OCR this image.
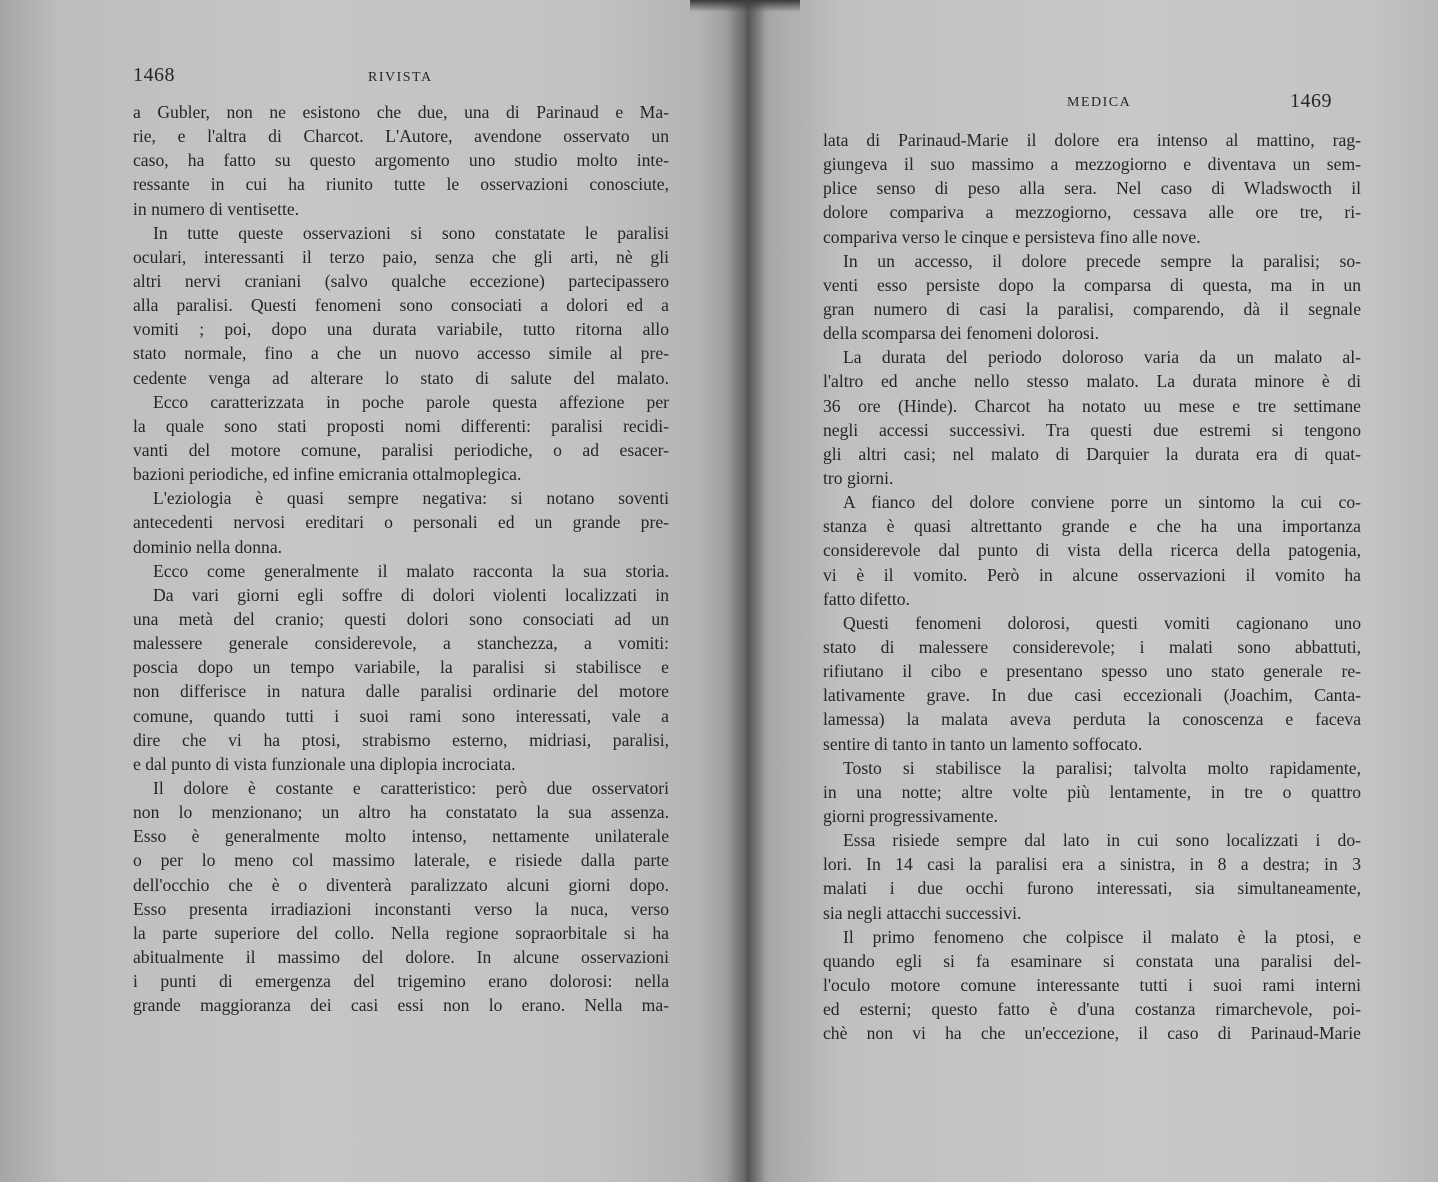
1468	RIVISTA
a Gubler, non ne esistono che due, una di Parinaud e Ma-
rie, e l'altra di Charcot. L'Autore, avendone osservato un
caso, ha fatto su questo argomento uno studio molto inte-
ressante in cui ha riunito tutte le osservazioni conosciute,
in numero di ventisette.
In tutte queste osservazioni si sono constatate le paralisi
oculari, interessanti il terzo paio, senza che gli arti, nè gli
altri nervi craniani (salvo qualche eccezione) partecipassero
alla paralisi. Questi fenomeni sono consociati a dolori ed a
vomiti ; poi, dopo una durata variabile, tutto ritorna allo
stato normale, fino a che un nuovo accesso simile al pre-
cedente venga ad alterare lo stato di salute del malato.
Ecco caratterizzata in poche parole questa affezione per
la quale sono stati proposti nomi differenti: paralisi recidi-
vanti del motore comune, paralisi periodiche, o ad esacer-
bazioni periodiche, ed infine emicrania ottalmoplegica.
L'eziologia è quasi sempre negativa: si notano soventi
antecedenti nervosi ereditari o personali ed un grande pre-
dominio nella donna.
Ecco come generalmente il malato racconta la sua storia.
Da vari giorni egli soffre di dolori violenti localizzati in
una metà del cranio; questi dolori sono consociati ad un
malessere generale considerevole, a stanchezza, a vomiti:
poscia dopo un tempo variabile, la paralisi si stabilisce e
non differisce in natura dalle paralisi ordinarie del motore
comune, quando tutti i suoi rami sono interessati, vale a
dire che vi ha ptosi, strabismo esterno, midriasi, paralisi,
e dal punto di vista funzionale una diplopia incrociata.
Il dolore è costante e caratteristico: però due osservatori
non lo menzionano; un altro ha constatato la sua assenza.
Esso è generalmente molto intenso, nettamente unilaterale
o per lo meno col massimo laterale, e risiede dalla parte
dell'occhio che è o diventerà paralizzato alcuni giorni dopo.
Esso presenta irradiazioni inconstanti verso la nuca, verso
la parte superiore del collo. Nella regione sopraorbitale si ha
abitualmente il massimo del dolore. In alcune osservazioni
i punti di emergenza del trigemino erano dolorosi: nella
grande maggioranza dei casi essi non lo erano. Nella ma-
MEDICA	1469
lata di Parinaud-Marie il dolore era intenso al mattino, rag-
giungeva il suo massimo a mezzogiorno e diventava un sem-
plice senso di peso alla sera. Nel caso di Wladswocth il
dolore compariva a mezzogiorno, cessava alle ore tre, ri-
compariva verso le cinque e persisteva fino alle nove.
In un accesso, il dolore precede sempre la paralisi; so-
venti esso persiste dopo la comparsa di questa, ma in un
gran numero di casi la paralisi, comparendo, dà il segnale
della scomparsa dei fenomeni dolorosi.
La durata del periodo doloroso varia da un malato al-
l'altro ed anche nello stesso malato. La durata minore è di
36 ore (Hinde). Charcot ha notato uu mese e tre settimane
negli accessi successivi. Tra questi due estremi si tengono
gli altri casi; nel malato di Darquier la durata era di quat-
tro giorni.
A fianco del dolore conviene porre un sintomo la cui co-
stanza è quasi altrettanto grande e che ha una importanza
considerevole dal punto di vista della ricerca della patogenia,
vi è il vomito. Però in alcune osservazioni il vomito ha
fatto difetto.
Questi fenomeni dolorosi, questi vomiti cagionano uno
stato di malessere considerevole; i malati sono abbattuti,
rifiutano il cibo e presentano spesso uno stato generale re-
lativamente grave. In due casi eccezionali (Joachim, Canta-
lamessa) la malata aveva perduta la conoscenza e faceva
sentire di tanto in tanto un lamento soffocato.
Tosto si stabilisce la paralisi; talvolta molto rapidamente,
in una notte; altre volte più lentamente, in tre o quattro
giorni progressivamente.
Essa risiede sempre dal lato in cui sono localizzati i do-
lori. In 14 casi la paralisi era a sinistra, in 8 a destra; in 3
malati i due occhi furono interessati, sia simultaneamente,
sia negli attacchi successivi.
Il primo fenomeno che colpisce il malato è la ptosi, e
quando egli si fa esaminare si constata una paralisi del-
l'oculo motore comune interessante tutti i suoi rami interni
ed esterni; questo fatto è d'una costanza rimarchevole, poi-
chè non vi ha che un'eccezione, il caso di Parinaud-Marie
